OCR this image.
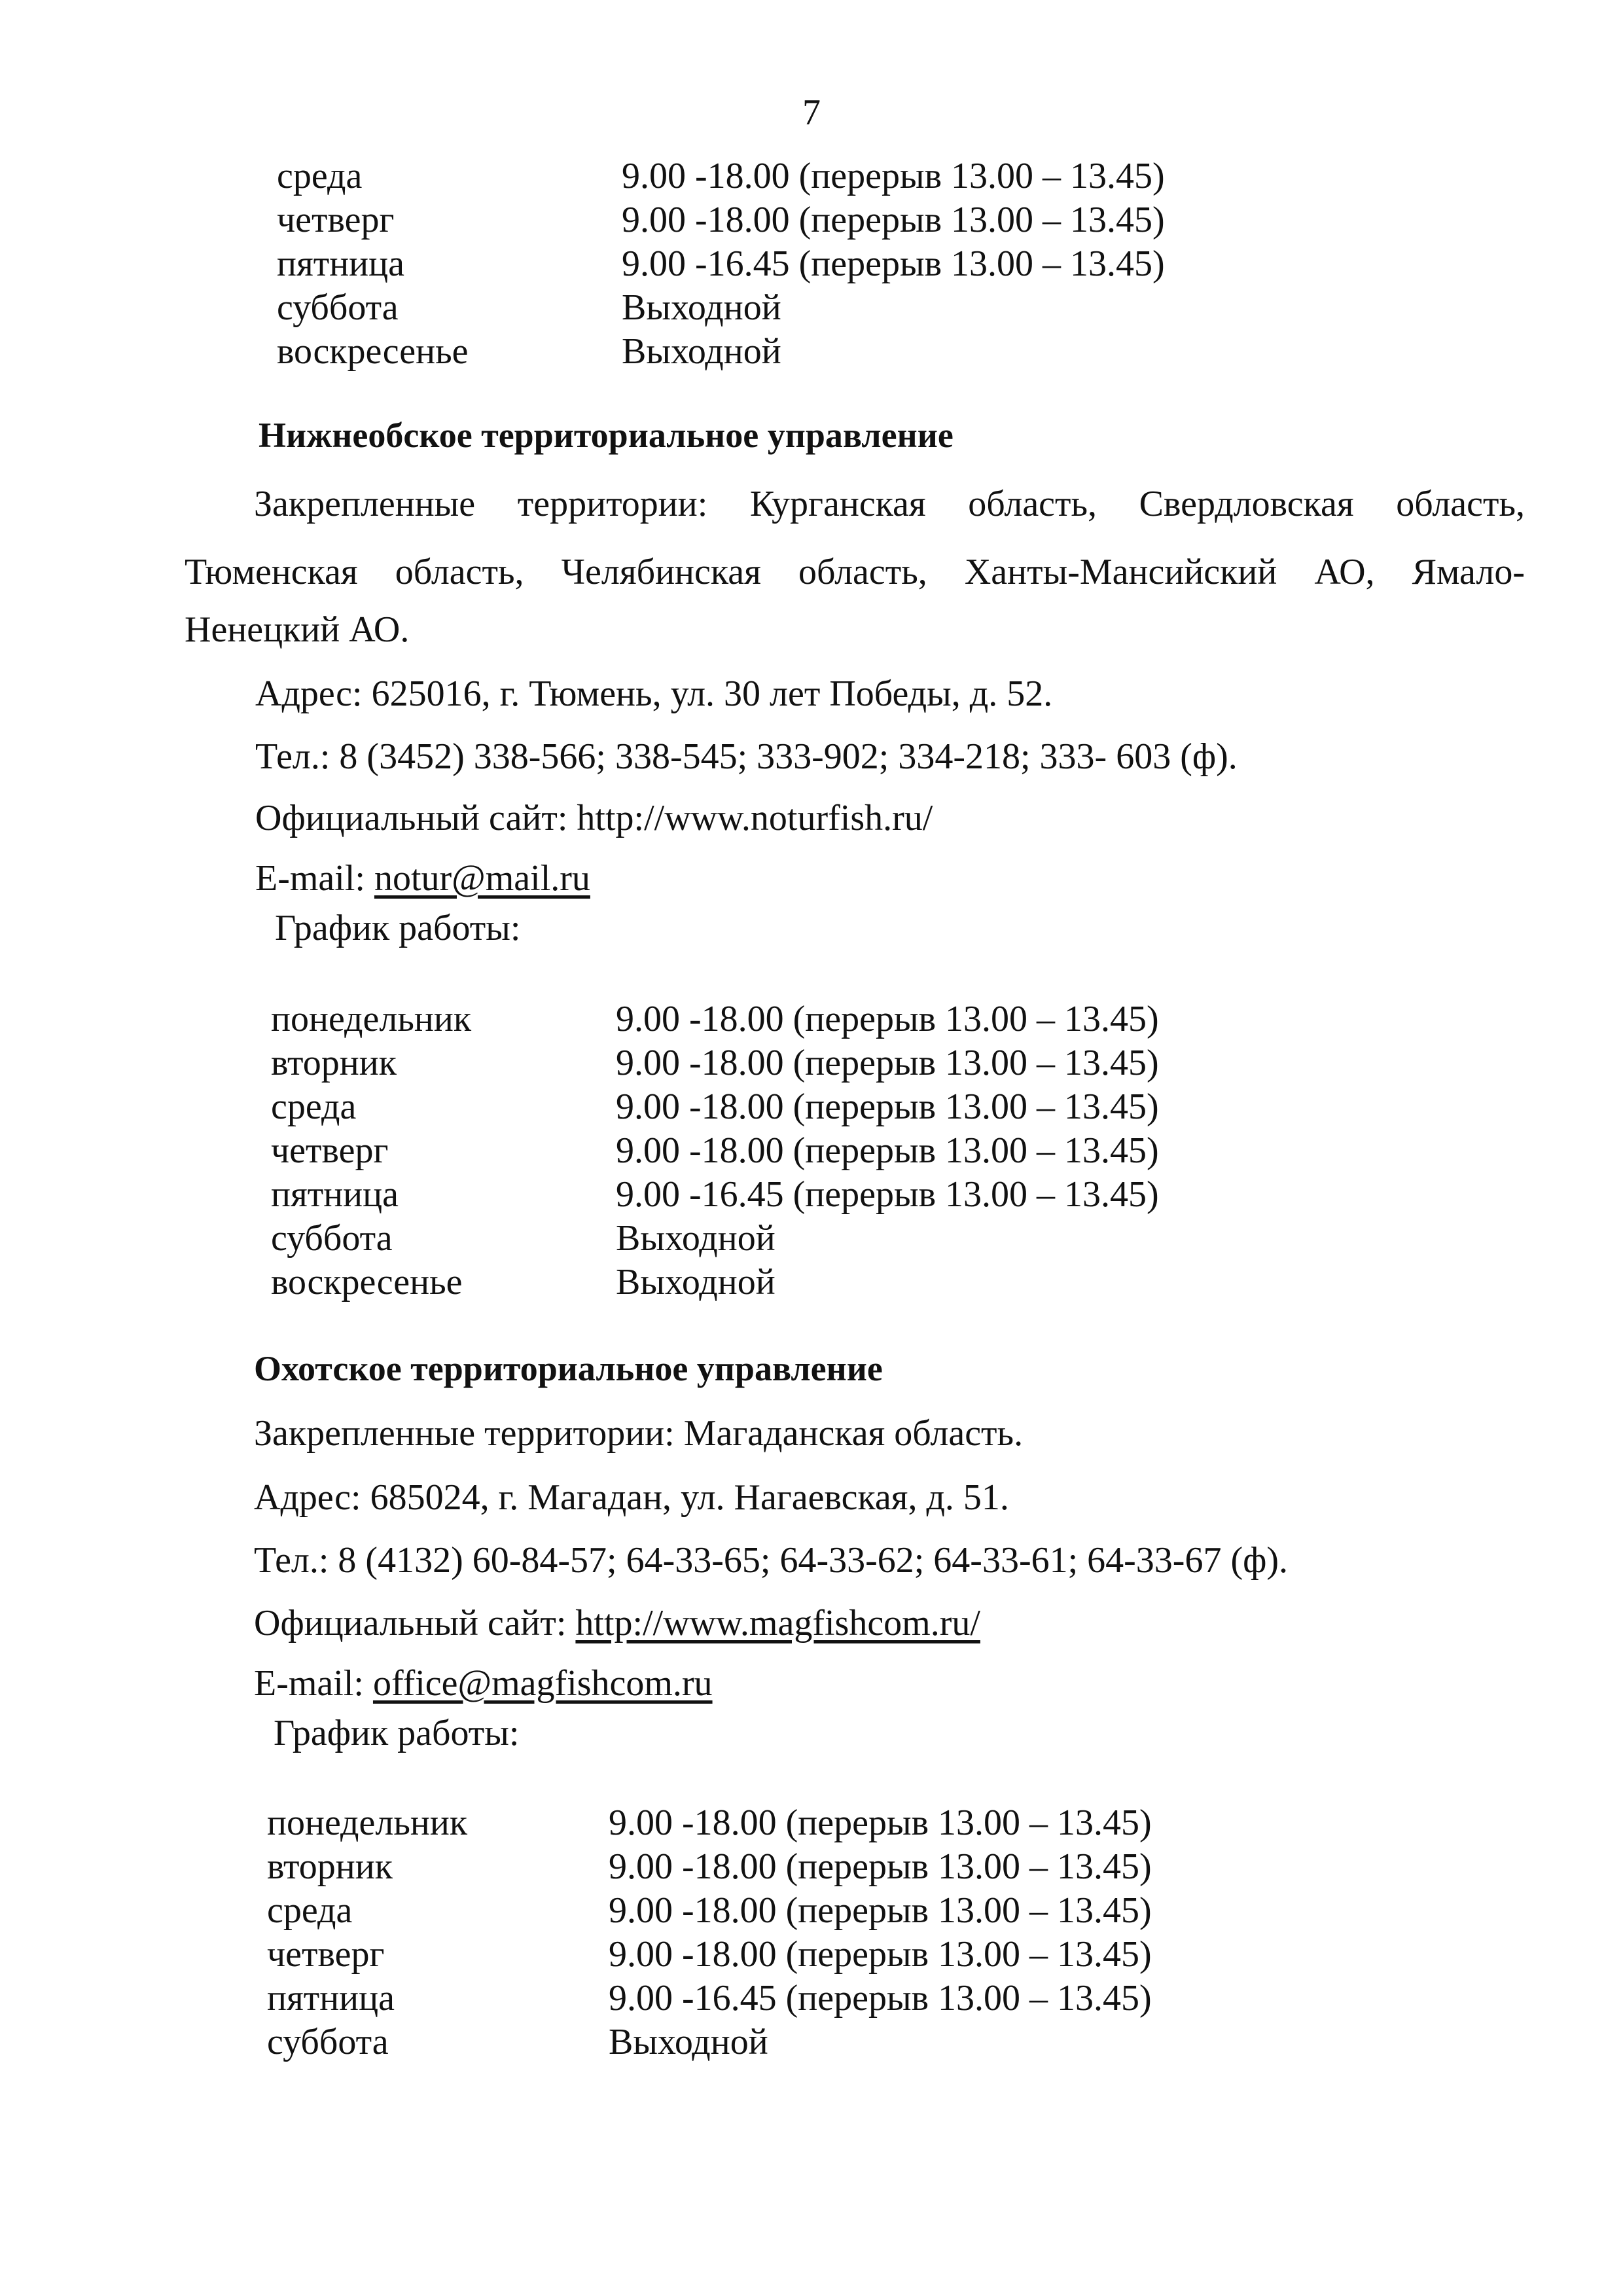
7
среда	9.00 -18.00 (перерыв 13.00 – 13.45)
четверг	9.00 -18.00 (перерыв 13.00 – 13.45)
пятница	9.00 -16.45 (перерыв 13.00 – 13.45)
суббота	Выходной
воскресенье	Выходной
Нижнеобское территориальное управление
Закрепленные территории: Курганская область, Свердловская область,
Тюменская область, Челябинская область, Ханты-Мансийский АО, Ямало-
Ненецкий АО.
Адрес: 625016, г. Тюмень, ул. 30 лет Победы, д. 52.
Тел.: 8 (3452) 338-566; 338-545; 333-902; 334-218; 333- 603 (ф).
Официальный сайт: http://www.noturfish.ru/
E-mail: notur@mail.ru
График работы:
понедельник	9.00 -18.00 (перерыв 13.00 – 13.45)
вторник	9.00 -18.00 (перерыв 13.00 – 13.45)
среда	9.00 -18.00 (перерыв 13.00 – 13.45)
четверг	9.00 -18.00 (перерыв 13.00 – 13.45)
пятница	9.00 -16.45 (перерыв 13.00 – 13.45)
суббота	Выходной
воскресенье	Выходной
Охотское территориальное управление
Закрепленные территории: Магаданская область.
Адрес: 685024, г. Магадан, ул. Нагаевская, д. 51.
Тел.: 8 (4132) 60-84-57; 64-33-65; 64-33-62; 64-33-61; 64-33-67 (ф).
Официальный сайт: http://www.magfishcom.ru/
E-mail: office@magfishcom.ru
График работы:
понедельник	9.00 -18.00 (перерыв 13.00 – 13.45)
вторник	9.00 -18.00 (перерыв 13.00 – 13.45)
среда	9.00 -18.00 (перерыв 13.00 – 13.45)
четверг	9.00 -18.00 (перерыв 13.00 – 13.45)
пятница	9.00 -16.45 (перерыв 13.00 – 13.45)
суббота	Выходной
